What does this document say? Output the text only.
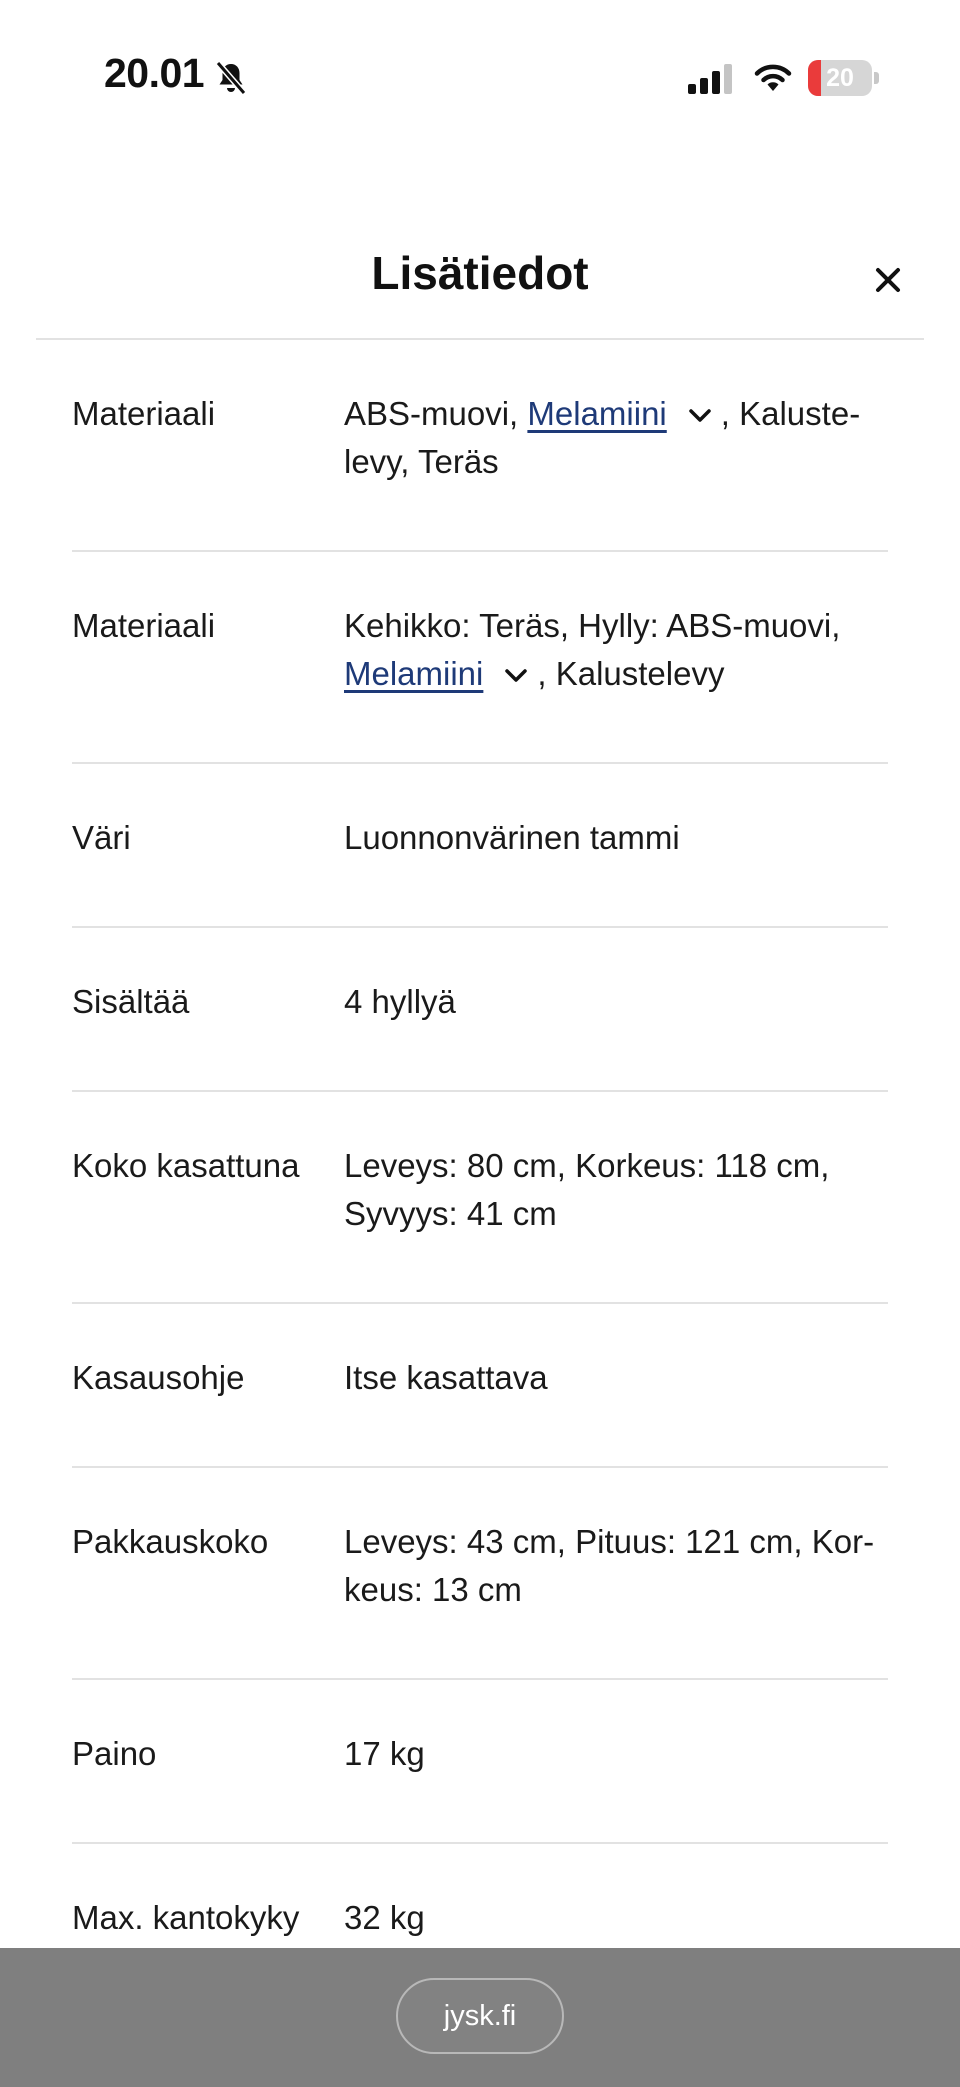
20.01	20
Lisätiedot
Materiaali	ABS-muovi, Melamiini , Kalustelevy, Teräs
Materiaali	Kehikko: Teräs, Hylly: ABS-muovi, Melamiini , Kalustelevy
Väri	Luonnonvärinen tammi
Sisältää	4 hyllyä
Koko kasattuna	Leveys: 80 cm, Korkeus: 118 cm, Syvyys: 41 cm
Kasausohje	Itse kasattava
Pakkauskoko	Leveys: 43 cm, Pituus: 121 cm, Korkeus: 13 cm
Paino	17 kg
Max. kantokyky	32 kg
jysk.fi
